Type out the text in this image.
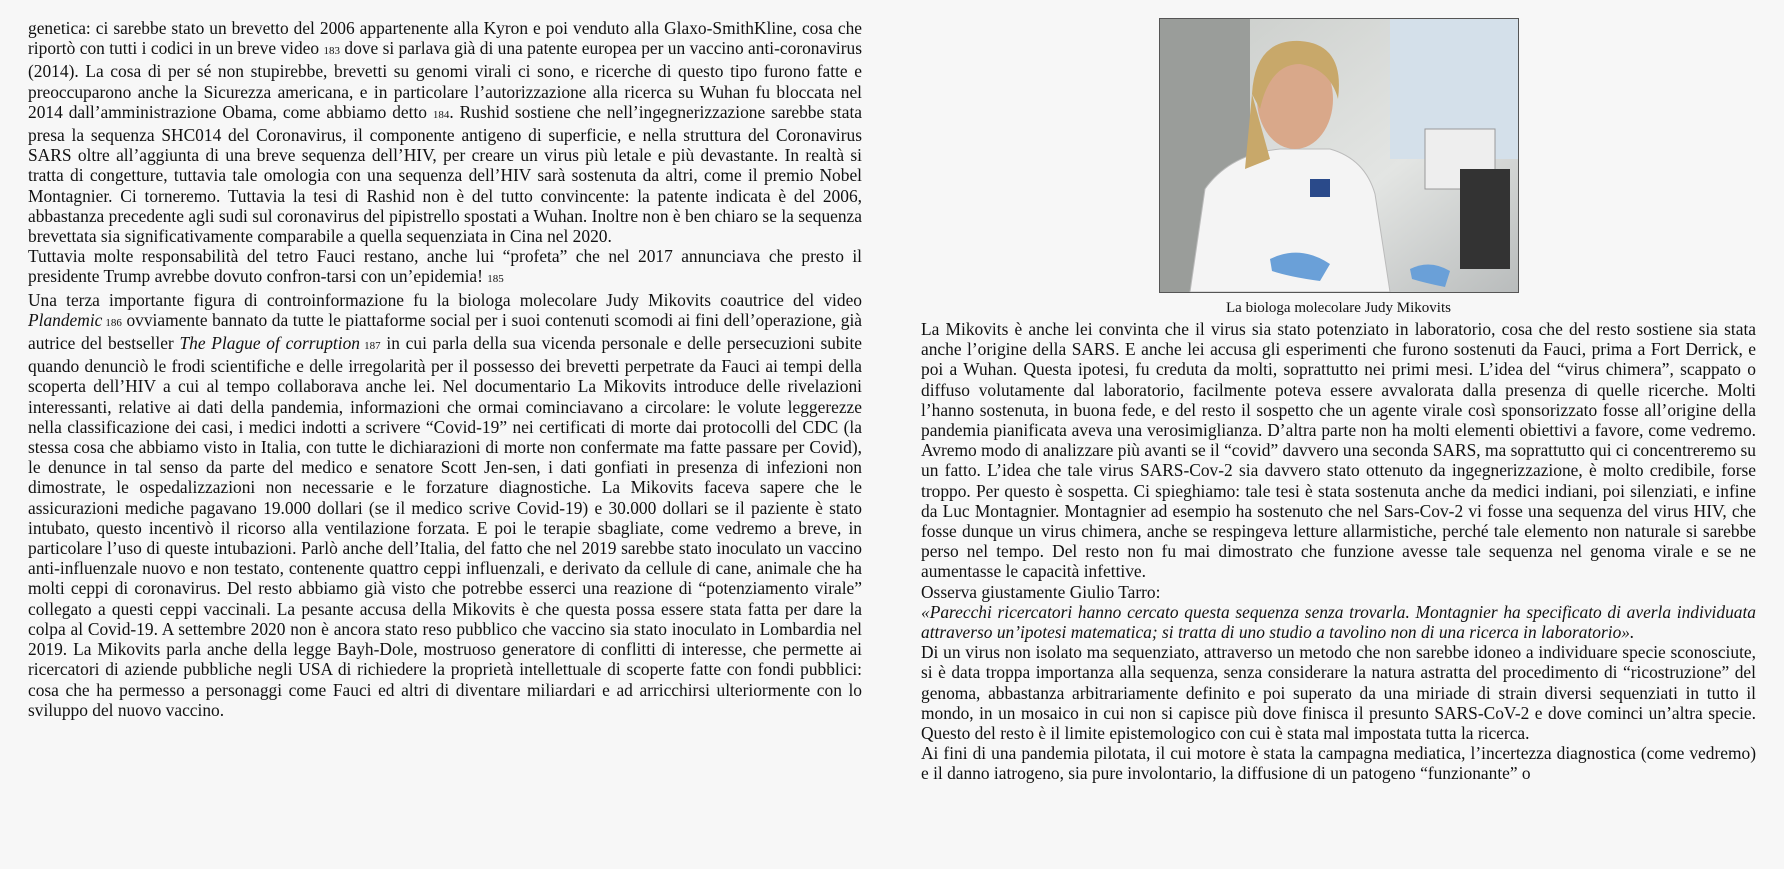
genetica: ci sarebbe stato un brevetto del 2006 appartenente alla Kyron e poi venduto alla Glaxo-SmithKline, cosa che riportò con tutti i codici in un breve video 183 dove si parlava già di una patente europea per un vaccino anti-coronavirus (2014). La cosa di per sé non stupirebbe, brevetti su genomi virali ci sono, e ricerche di questo tipo furono fatte e preoccuparono anche la Sicurezza americana, e in particolare l’autorizzazione alla ricerca su Wuhan fu bloccata nel 2014 dall’amministrazione Obama, come abbiamo detto 184. Rushid sostiene che nell’ingegnerizzazione sarebbe stata presa la sequenza SHC014 del Coronavirus, il componente antigeno di superficie, e nella struttura del Coronavirus SARS oltre all’aggiunta di una breve sequenza dell’HIV, per creare un virus più letale e più devastante. In realtà si tratta di congetture, tuttavia tale omologia con una sequenza dell’HIV sarà sostenuta da altri, come il premio Nobel Montagnier. Ci torneremo. Tuttavia la tesi di Rashid non è del tutto convincente: la patente indicata è del 2006, abbastanza precedente agli sudi sul coronavirus del pipistrello spostati a Wuhan. Inoltre non è ben chiaro se la sequenza brevettata sia significativamente comparabile a quella sequenziata in Cina nel 2020.

Tuttavia molte responsabilità del tetro Fauci restano, anche lui “profeta” che nel 2017 annunciava che presto il presidente Trump avrebbe dovuto confron-tarsi con un’epidemia! 185

Una terza importante figura di controinformazione fu la biologa molecolare Judy Mikovits coautrice del video Plandemic 186 ovviamente bannato da tutte le piattaforme social per i suoi contenuti scomodi ai fini dell’operazione, già autrice del bestseller The Plague of corruption 187 in cui parla della sua vicenda personale e delle persecuzioni subite quando denunciò le frodi scientifiche e delle irregolarità per il possesso dei brevetti perpetrate da Fauci ai tempi della scoperta dell’HIV a cui al tempo collaborava anche lei. Nel documentario La Mikovits introduce delle rivelazioni interessanti, relative ai dati della pandemia, informazioni che ormai cominciavano a circolare: le volute leggerezze nella classificazione dei casi, i medici indotti a scrivere “Covid-19” nei certificati di morte dai protocolli del CDC (la stessa cosa che abbiamo visto in Italia, con tutte le dichiarazioni di morte non confermate ma fatte passare per Covid), le denunce in tal senso da parte del medico e senatore Scott Jen-sen, i dati gonfiati in presenza di infezioni non dimostrate, le ospedalizzazioni non necessarie e le forzature diagnostiche. La Mikovits faceva sapere che le assicurazioni mediche pagavano 19.000 dollari (se il medico scrive Covid-19) e 30.000 dollari se il paziente è stato intubato, questo incentivò il ricorso alla ventilazione forzata. E poi le terapie sbagliate, come vedremo a breve, in particolare l’uso di queste intubazioni. Parlò anche dell’Italia, del fatto che nel 2019 sarebbe stato inoculato un vaccino anti-influenzale nuovo e non testato, contenente quattro ceppi influenzali, e derivato da cellule di cane, animale che ha molti ceppi di coronavirus. Del resto abbiamo già visto che potrebbe esserci una reazione di “potenziamento virale” collegato a questi ceppi vaccinali. La pesante accusa della Mikovits è che questa possa essere stata fatta per dare la colpa al Covid-19. A settembre 2020 non è ancora stato reso pubblico che vaccino sia stato inoculato in Lombardia nel 2019. La Mikovits parla anche della legge Bayh-Dole, mostruoso generatore di conflitti di interesse, che permette ai ricercatori di aziende pubbliche negli USA di richiedere la proprietà intellettuale di scoperte fatte con fondi pubblici: cosa che ha permesso a personaggi come Fauci ed altri di diventare miliardari e ad arricchirsi ulteriormente con lo sviluppo del nuovo vaccino.

La biologa molecolare Judy Mikovits

La Mikovits è anche lei convinta che il virus sia stato potenziato in laboratorio, cosa che del resto sostiene sia stata anche l’origine della SARS. E anche lei accusa gli esperimenti che furono sostenuti da Fauci, prima a Fort Derrick, e poi a Wuhan. Questa ipotesi, fu creduta da molti, soprattutto nei primi mesi. L’idea del “virus chimera”, scappato o diffuso volutamente dal laboratorio, facilmente poteva essere avvalorata dalla presenza di quelle ricerche. Molti l’hanno sostenuta, in buona fede, e del resto il sospetto che un agente virale così sponsorizzato fosse all’origine della pandemia pianificata aveva una verosimiglianza. D’altra parte non ha molti elementi obiettivi a favore, come vedremo. Avremo modo di analizzare più avanti se il “covid” davvero una seconda SARS, ma soprattutto qui ci concentreremo su un fatto. L’idea che tale virus SARS-Cov-2 sia davvero stato ottenuto da ingegnerizzazione, è molto credibile, forse troppo. Per questo è sospetta. Ci spieghiamo: tale tesi è stata sostenuta anche da medici indiani, poi silenziati, e infine da Luc Montagnier. Montagnier ad esempio ha sostenuto che nel Sars-Cov-2 vi fosse una sequenza del virus HIV, che fosse dunque un virus chimera, anche se respingeva letture allarmistiche, perché tale elemento non naturale si sarebbe perso nel tempo. Del resto non fu mai dimostrato che funzione avesse tale sequenza nel genoma virale e se ne aumentasse le capacità infettive.

Osserva giustamente Giulio Tarro:

«Parecchi ricercatori hanno cercato questa sequenza senza trovarla. Montagnier ha specificato di averla individuata attraverso un’ipotesi matematica; si tratta di uno studio a tavolino non di una ricerca in laboratorio».

Di un virus non isolato ma sequenziato, attraverso un metodo che non sarebbe idoneo a individuare specie sconosciute, si è data troppa importanza alla sequenza, senza considerare la natura astratta del procedimento di “ricostruzione” del genoma, abbastanza arbitrariamente definito e poi superato da una miriade di strain diversi sequenziati in tutto il mondo, in un mosaico in cui non si capisce più dove finisca il presunto SARS-CoV-2 e dove cominci un’altra specie. Questo del resto è il limite epistemologico con cui è stata mal impostata tutta la ricerca.

Ai fini di una pandemia pilotata, il cui motore è stata la campagna mediatica, l’incertezza diagnostica (come vedremo) e il danno iatrogeno, sia pure involontario, la diffusione di un patogeno “funzionante” o
